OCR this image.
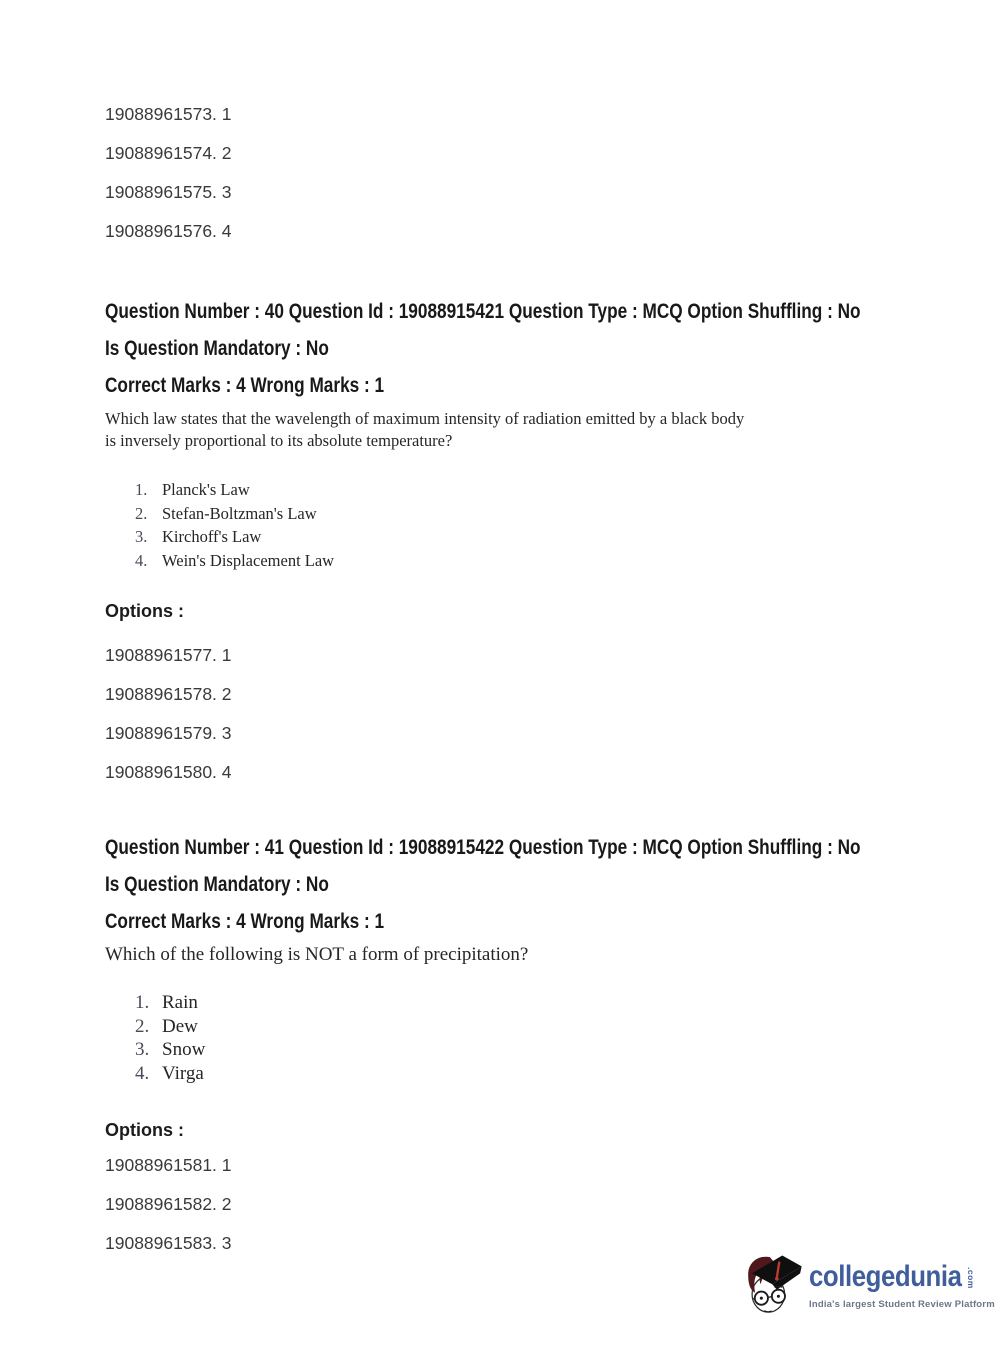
19088961573. 1
19088961574. 2
19088961575. 3
19088961576. 4
Question Number : 40 Question Id : 19088915421 Question Type : MCQ Option Shuffling : No
Is Question Mandatory : No
Correct Marks : 4 Wrong Marks : 1
Which law states that the wavelength of maximum intensity of radiation emitted by a black body
is inversely proportional to its absolute temperature?
1. Planck's Law
2. Stefan-Boltzman's Law
3. Kirchoff's Law
4. Wein's Displacement Law
Options :
19088961577. 1
19088961578. 2
19088961579. 3
19088961580. 4
Question Number : 41 Question Id : 19088915422 Question Type : MCQ Option Shuffling : No
Is Question Mandatory : No
Correct Marks : 4 Wrong Marks : 1
Which of the following is NOT a form of precipitation?
1. Rain
2. Dew
3. Snow
4. Virga
Options :
19088961581. 1
19088961582. 2
19088961583. 3
collegedunia .com
India's largest Student Review Platform
